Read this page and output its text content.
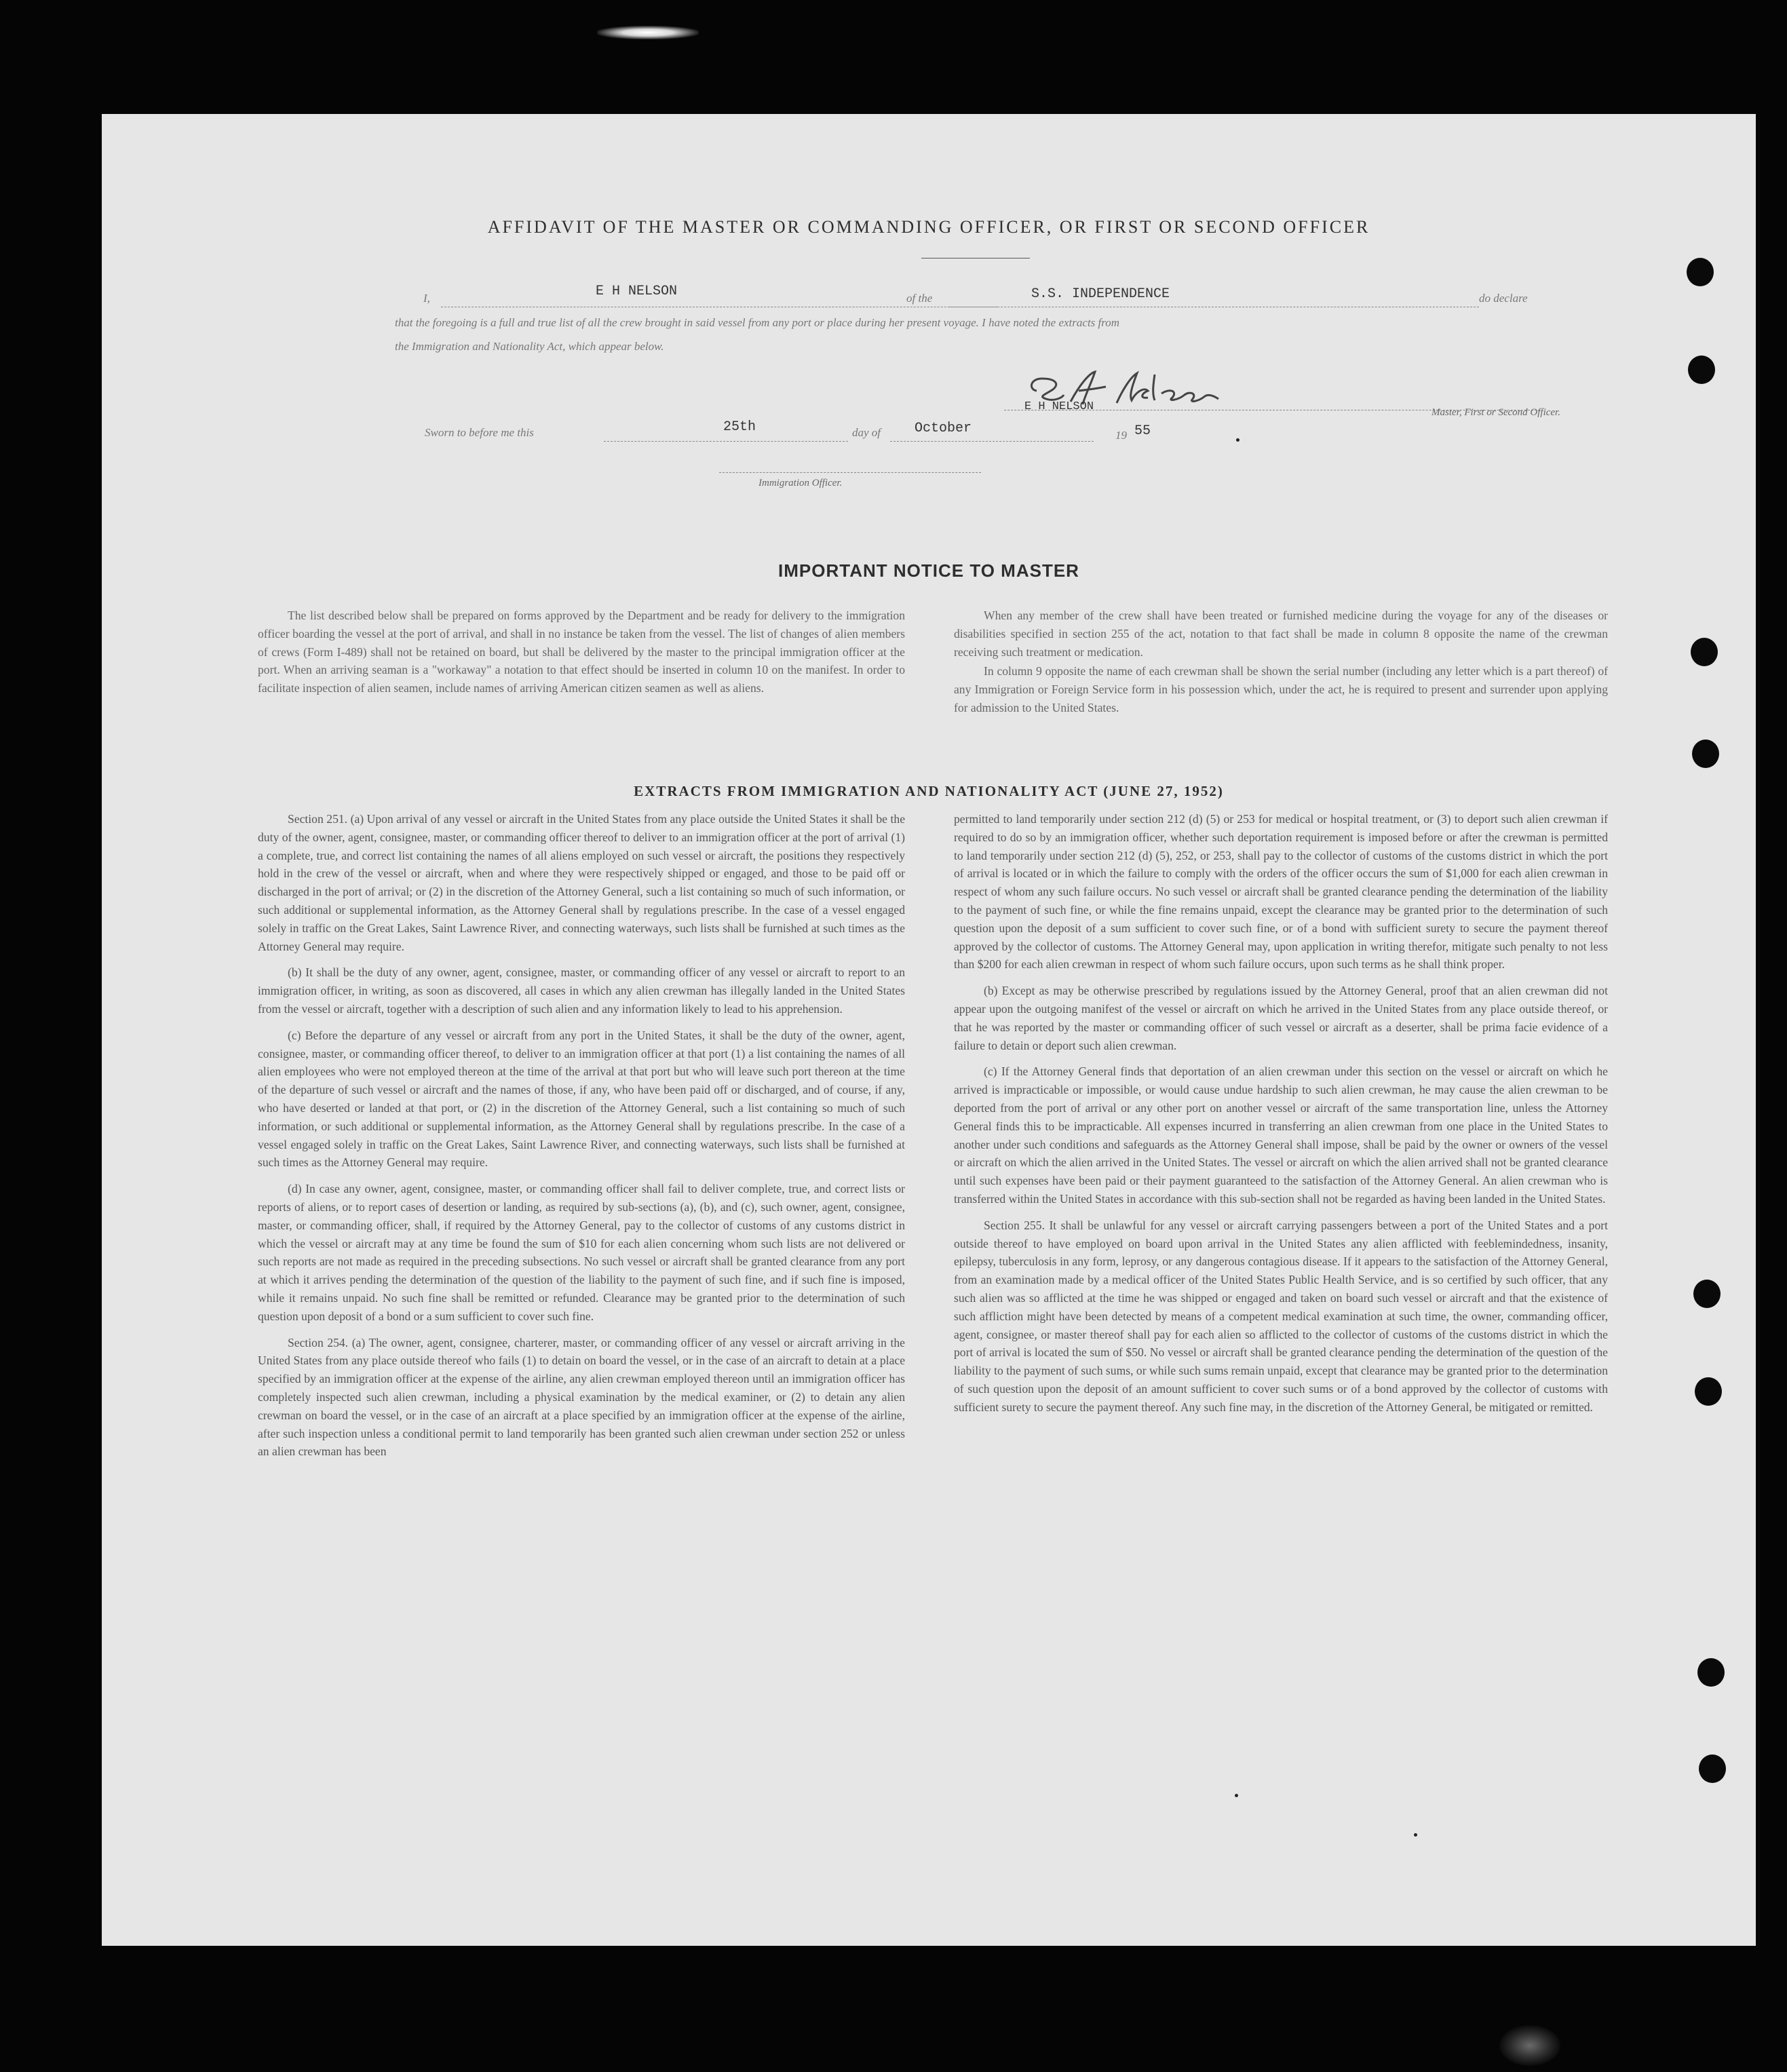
AFFIDAVIT OF THE MASTER OR COMMANDING OFFICER, OR FIRST OR SECOND OFFICER
I,	E H NELSON	of the	S.S. INDEPENDENCE	do declare
that the foregoing is a full and true list of all the crew brought in said vessel from any port or place during her present voyage. I have noted the extracts from
the Immigration and Nationality Act, which appear below.
E H NELSON	Master, First or Second Officer.
Sworn to before me this	25th	day of October	19 55
Immigration Officer.
IMPORTANT NOTICE TO MASTER

The list described below shall be prepared on forms approved by the Department and be ready for delivery to the immigration officer boarding the vessel at the port of arrival, and shall in no instance be taken from the vessel. The list of changes of alien members of crews (Form I-489) shall not be retained on board, but shall be delivered by the master to the principal immigration officer at the port. When an arriving seaman is a "workaway" a notation to that effect should be inserted in column 10 on the manifest. In order to facilitate inspection of alien seamen, include names of arriving American citizen seamen as well as aliens.

When any member of the crew shall have been treated or furnished medicine during the voyage for any of the diseases or disabilities specified in section 255 of the act, notation to that fact shall be made in column 8 opposite the name of the crewman receiving such treatment or medication.

In column 9 opposite the name of each crewman shall be shown the serial number (including any letter which is a part thereof) of any Immigration or Foreign Service form in his possession which, under the act, he is required to present and surrender upon applying for admission to the United States.

EXTRACTS FROM IMMIGRATION AND NATIONALITY ACT (JUNE 27, 1952)

Section 251. (a) Upon arrival of any vessel or aircraft in the United States from any place outside the United States it shall be the duty of the owner, agent, consignee, master, or commanding officer thereof to deliver to an immigration officer at the port of arrival (1) a complete, true, and correct list containing the names of all aliens employed on such vessel or aircraft, the positions they respectively hold in the crew of the vessel or aircraft, when and where they were respectively shipped or engaged, and those to be paid off or discharged in the port of arrival; or (2) in the discretion of the Attorney General, such a list containing so much of such information, or such additional or supplemental information, as the Attorney General shall by regulations prescribe. In the case of a vessel engaged solely in traffic on the Great Lakes, Saint Lawrence River, and connecting waterways, such lists shall be furnished at such times as the Attorney General may require.

(b) It shall be the duty of any owner, agent, consignee, master, or commanding officer of any vessel or aircraft to report to an immigration officer, in writing, as soon as discovered, all cases in which any alien crewman has illegally landed in the United States from the vessel or aircraft, together with a description of such alien and any information likely to lead to his apprehension.

(c) Before the departure of any vessel or aircraft from any port in the United States, it shall be the duty of the owner, agent, consignee, master, or commanding officer thereof, to deliver to an immigration officer at that port (1) a list containing the names of all alien employees who were not employed thereon at the time of the arrival at that port but who will leave such port thereon at the time of the departure of such vessel or aircraft and the names of those, if any, who have been paid off or discharged, and of course, if any, who have deserted or landed at that port, or (2) in the discretion of the Attorney General, such a list containing so much of such information, or such additional or supplemental information, as the Attorney General shall by regulations prescribe. In the case of a vessel engaged solely in traffic on the Great Lakes, Saint Lawrence River, and connecting waterways, such lists shall be furnished at such times as the Attorney General may require.

(d) In case any owner, agent, consignee, master, or commanding officer shall fail to deliver complete, true, and correct lists or reports of aliens, or to report cases of desertion or landing, as required by sub-sections (a), (b), and (c), such owner, agent, consignee, master, or commanding officer, shall, if required by the Attorney General, pay to the collector of customs of any customs district in which the vessel or aircraft may at any time be found the sum of $10 for each alien concerning whom such lists are not delivered or such reports are not made as required in the preceding subsections. No such vessel or aircraft shall be granted clearance from any port at which it arrives pending the determination of the question of the liability to the payment of such fine, and if such fine is imposed, while it remains unpaid. No such fine shall be remitted or refunded. Clearance may be granted prior to the determination of such question upon deposit of a bond or a sum sufficient to cover such fine.

Section 254. (a) The owner, agent, consignee, charterer, master, or commanding officer of any vessel or aircraft arriving in the United States from any place outside thereof who fails (1) to detain on board the vessel, or in the case of an aircraft to detain at a place specified by an immigration officer at the expense of the airline, any alien crewman employed thereon until an immigration officer has completely inspected such alien crewman, including a physical examination by the medical examiner, or (2) to detain any alien crewman on board the vessel, or in the case of an aircraft at a place specified by an immigration officer at the expense of the airline, after such inspection unless a conditional permit to land temporarily has been granted such alien crewman under section 252 or unless an alien crewman has been

permitted to land temporarily under section 212 (d) (5) or 253 for medical or hospital treatment, or (3) to deport such alien crewman if required to do so by an immigration officer, whether such deportation requirement is imposed before or after the crewman is permitted to land temporarily under section 212 (d) (5), 252, or 253, shall pay to the collector of customs of the customs district in which the port of arrival is located or in which the failure to comply with the orders of the officer occurs the sum of $1,000 for each alien crewman in respect of whom any such failure occurs. No such vessel or aircraft shall be granted clearance pending the determination of the liability to the payment of such fine, or while the fine remains unpaid, except the clearance may be granted prior to the determination of such question upon the deposit of a sum sufficient to cover such fine, or of a bond with sufficient surety to secure the payment thereof approved by the collector of customs. The Attorney General may, upon application in writing therefor, mitigate such penalty to not less than $200 for each alien crewman in respect of whom such failure occurs, upon such terms as he shall think proper.

(b) Except as may be otherwise prescribed by regulations issued by the Attorney General, proof that an alien crewman did not appear upon the outgoing manifest of the vessel or aircraft on which he arrived in the United States from any place outside thereof, or that he was reported by the master or commanding officer of such vessel or aircraft as a deserter, shall be prima facie evidence of a failure to detain or deport such alien crewman.

(c) If the Attorney General finds that deportation of an alien crewman under this section on the vessel or aircraft on which he arrived is impracticable or impossible, or would cause undue hardship to such alien crewman, he may cause the alien crewman to be deported from the port of arrival or any other port on another vessel or aircraft of the same transportation line, unless the Attorney General finds this to be impracticable. All expenses incurred in transferring an alien crewman from one place in the United States to another under such conditions and safeguards as the Attorney General shall impose, shall be paid by the owner or owners of the vessel or aircraft on which the alien arrived in the United States. The vessel or aircraft on which the alien arrived shall not be granted clearance until such expenses have been paid or their payment guaranteed to the satisfaction of the Attorney General. An alien crewman who is transferred within the United States in accordance with this sub-section shall not be regarded as having been landed in the United States.

Section 255. It shall be unlawful for any vessel or aircraft carrying passengers between a port of the United States and a port outside thereof to have employed on board upon arrival in the United States any alien afflicted with feeblemindedness, insanity, epilepsy, tuberculosis in any form, leprosy, or any dangerous contagious disease. If it appears to the satisfaction of the Attorney General, from an examination made by a medical officer of the United States Public Health Service, and is so certified by such officer, that any such alien was so afflicted at the time he was shipped or engaged and taken on board such vessel or aircraft and that the existence of such affliction might have been detected by means of a competent medical examination at such time, the owner, commanding officer, agent, consignee, or master thereof shall pay for each alien so afflicted to the collector of customs of the customs district in which the port of arrival is located the sum of $50. No vessel or aircraft shall be granted clearance pending the determination of the question of the liability to the payment of such sums, or while such sums remain unpaid, except that clearance may be granted prior to the determination of such question upon the deposit of an amount sufficient to cover such sums or of a bond approved by the collector of customs with sufficient surety to secure the payment thereof. Any such fine may, in the discretion of the Attorney General, be mitigated or remitted.
